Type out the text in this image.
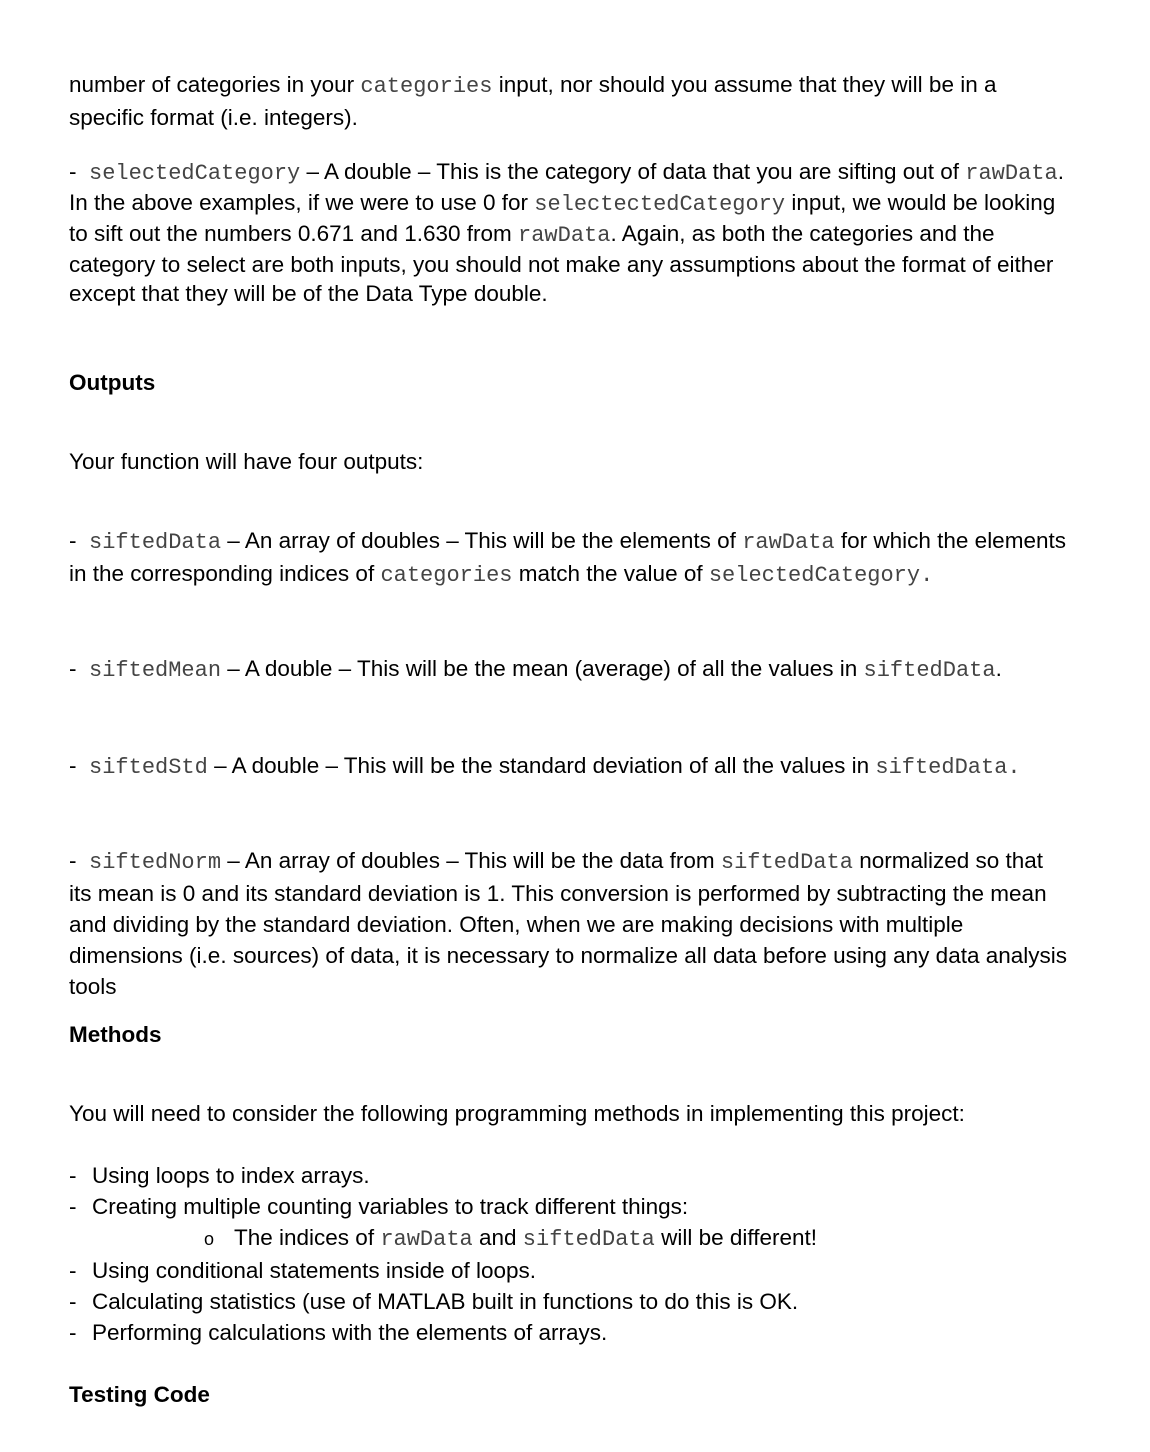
number of categories in your categories input, nor should you assume that they will be in a specific format (i.e. integers).

- selectedCategory – A double – This is the category of data that you are sifting out of rawData. In the above examples, if we were to use 0 for selectectedCategory input, we would be looking to sift out the numbers 0.671 and 1.630 from rawData. Again, as both the categories and the category to select are both inputs, you should not make any assumptions about the format of either except that they will be of the Data Type double.

Outputs
Your function will have four outputs:

- siftedData – An array of doubles – This will be the elements of rawData for which the elements in the corresponding indices of categories match the value of selectedCategory.

- siftedMean – A double – This will be the mean (average) of all the values in siftedData.

- siftedStd – A double – This will be the standard deviation of all the values in siftedData.

- siftedNorm – An array of doubles – This will be the data from siftedData normalized so that its mean is 0 and its standard deviation is 1. This conversion is performed by subtracting the mean and dividing by the standard deviation. Often, when we are making decisions with multiple dimensions (i.e. sources) of data, it is necessary to normalize all data before using any data analysis tools

Methods
You will need to consider the following programming methods in implementing this project:
- Using loops to index arrays.
- Creating multiple counting variables to track different things:
o The indices of rawData and siftedData will be different!
- Using conditional statements inside of loops.
- Calculating statistics (use of MATLAB built in functions to do this is OK.
- Performing calculations with the elements of arrays.
Testing Code
